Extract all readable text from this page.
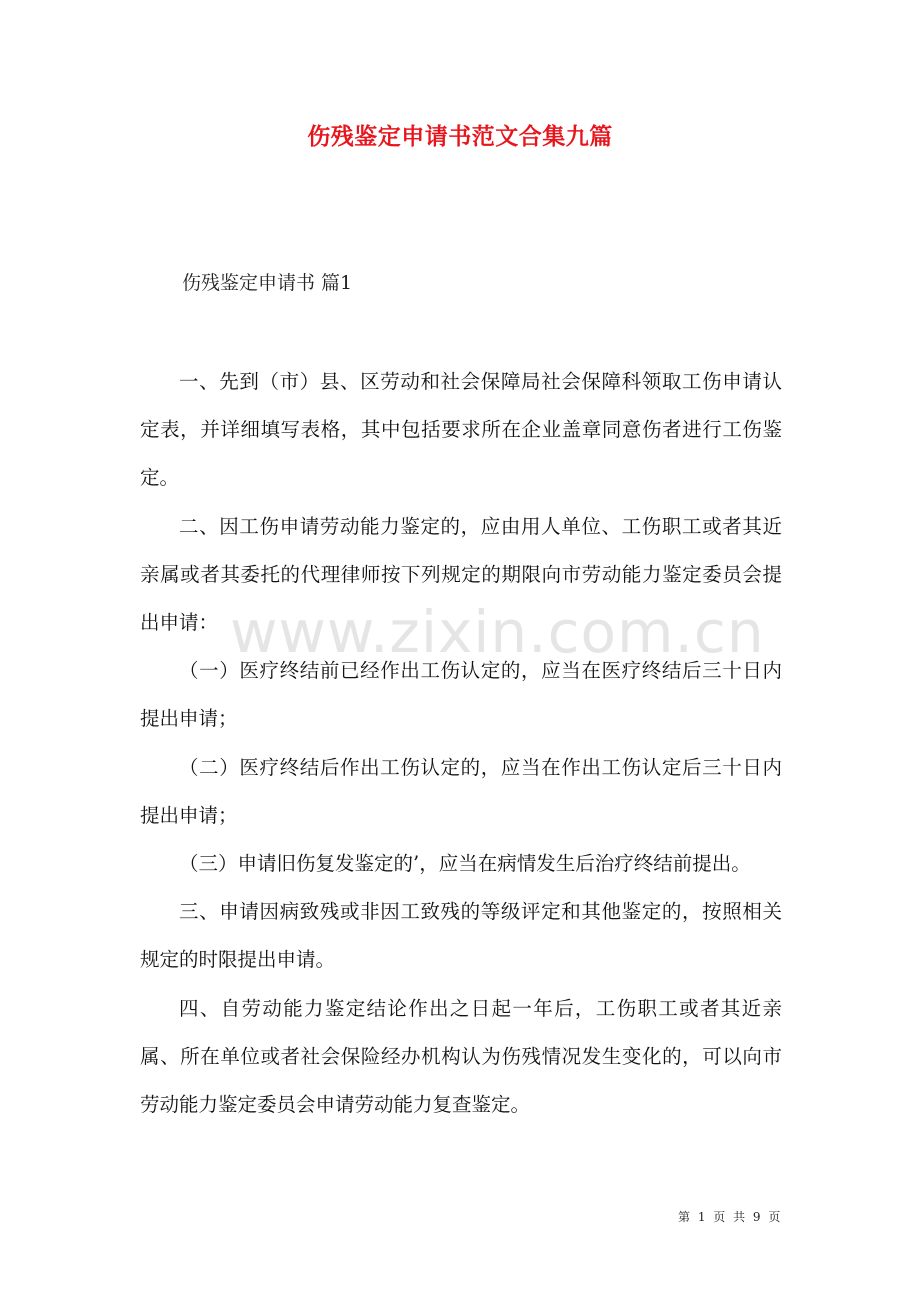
伤残鉴定申请书范文合集九篇
伤残鉴定申请书 篇1

一、先到（市）县、区劳动和社会保障局社会保障科领取工伤申请认定表，并详细填写表格，其中包括要求所在企业盖章同意伤者进行工伤鉴定。

二、因工伤申请劳动能力鉴定的，应由用人单位、工伤职工或者其近亲属或者其委托的代理律师按下列规定的期限向市劳动能力鉴定委员会提出申请：

（一）医疗终结前已经作出工伤认定的，应当在医疗终结后三十日内提出申请；

（二）医疗终结后作出工伤认定的，应当在作出工伤认定后三十日内提出申请；

（三）申请旧伤复发鉴定的’，应当在病情发生后治疗终结前提出。

三、申请因病致残或非因工致残的等级评定和其他鉴定的，按照相关规定的时限提出申请。

四、自劳动能力鉴定结论作出之日起一年后，工伤职工或者其近亲属、所在单位或者社会保险经办机构认为伤残情况发生变化的，可以向市劳动能力鉴定委员会申请劳动能力复查鉴定。

www.zixin.com.cn
第 1 页 共 9 页
